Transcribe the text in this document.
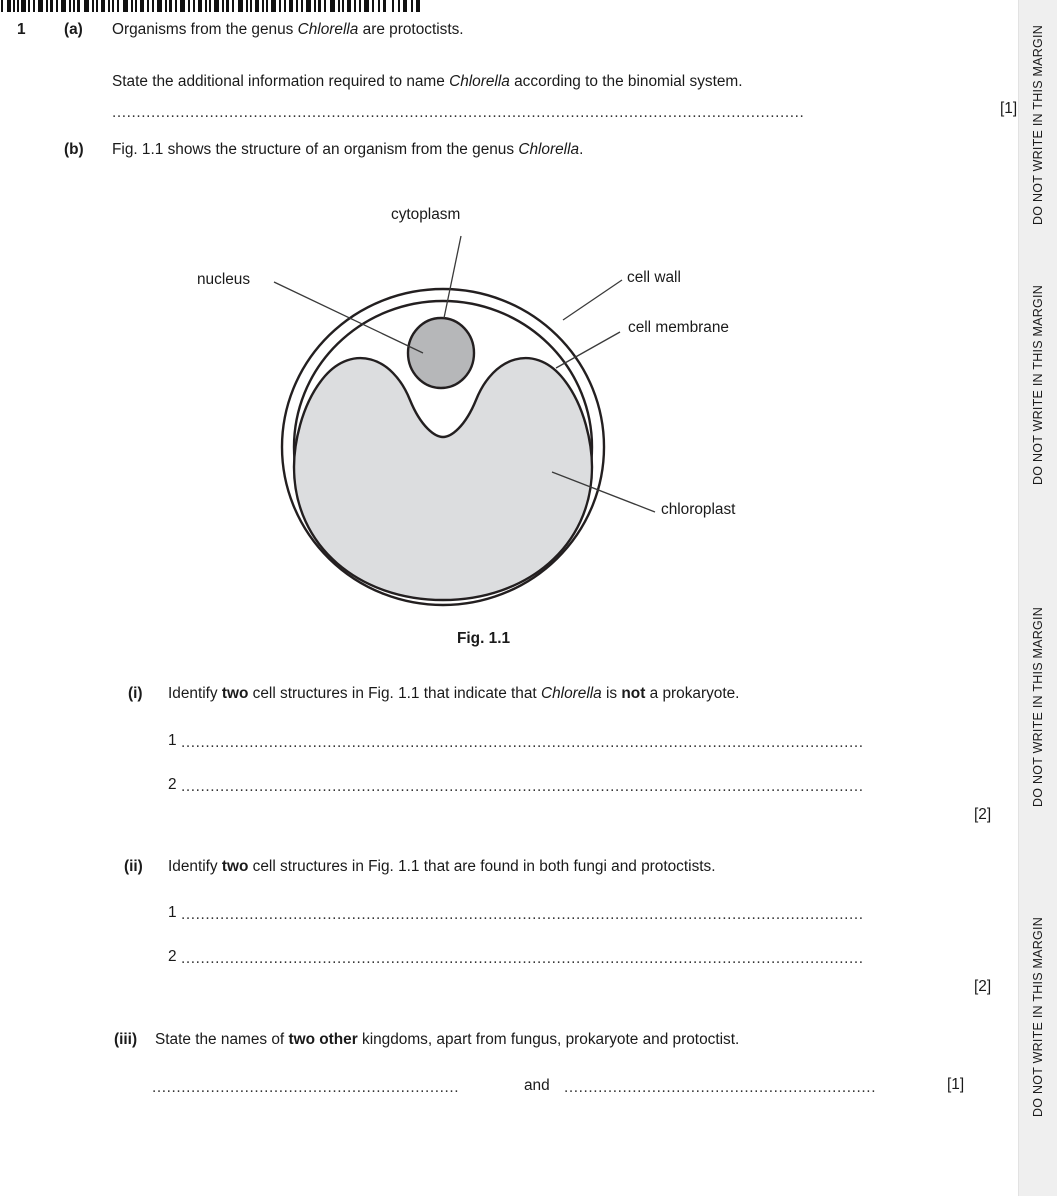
DO NOT WRITE IN THIS MARGIN
DO NOT WRITE IN THIS MARGIN
DO NOT WRITE IN THIS MARGIN
DO NOT WRITE IN THIS MARGIN
1 (a) Organisms from the genus Chlorella are protoctists.
State the additional information required to name Chlorella according to the binomial system.
..............................................................................................................................................	[1]
(b) Fig. 1.1 shows the structure of an organism from the genus Chlorella.
cytoplasm
nucleus	cell wall
cell membrane
chloroplast
Fig. 1.1
(i) Identify two cell structures in Fig. 1.1 that indicate that Chlorella is not a prokaryote.
1 ............................................................................................................................................
2 ............................................................................................................................................
[2]
(ii) Identify two cell structures in Fig. 1.1 that are found in both fungi and protoctists.
1 ............................................................................................................................................
2 ............................................................................................................................................
[2]
(iii) State the names of two other kingdoms, apart from fungus, prokaryote and protoctist.
...............................................................	and ................................................................	[1]
